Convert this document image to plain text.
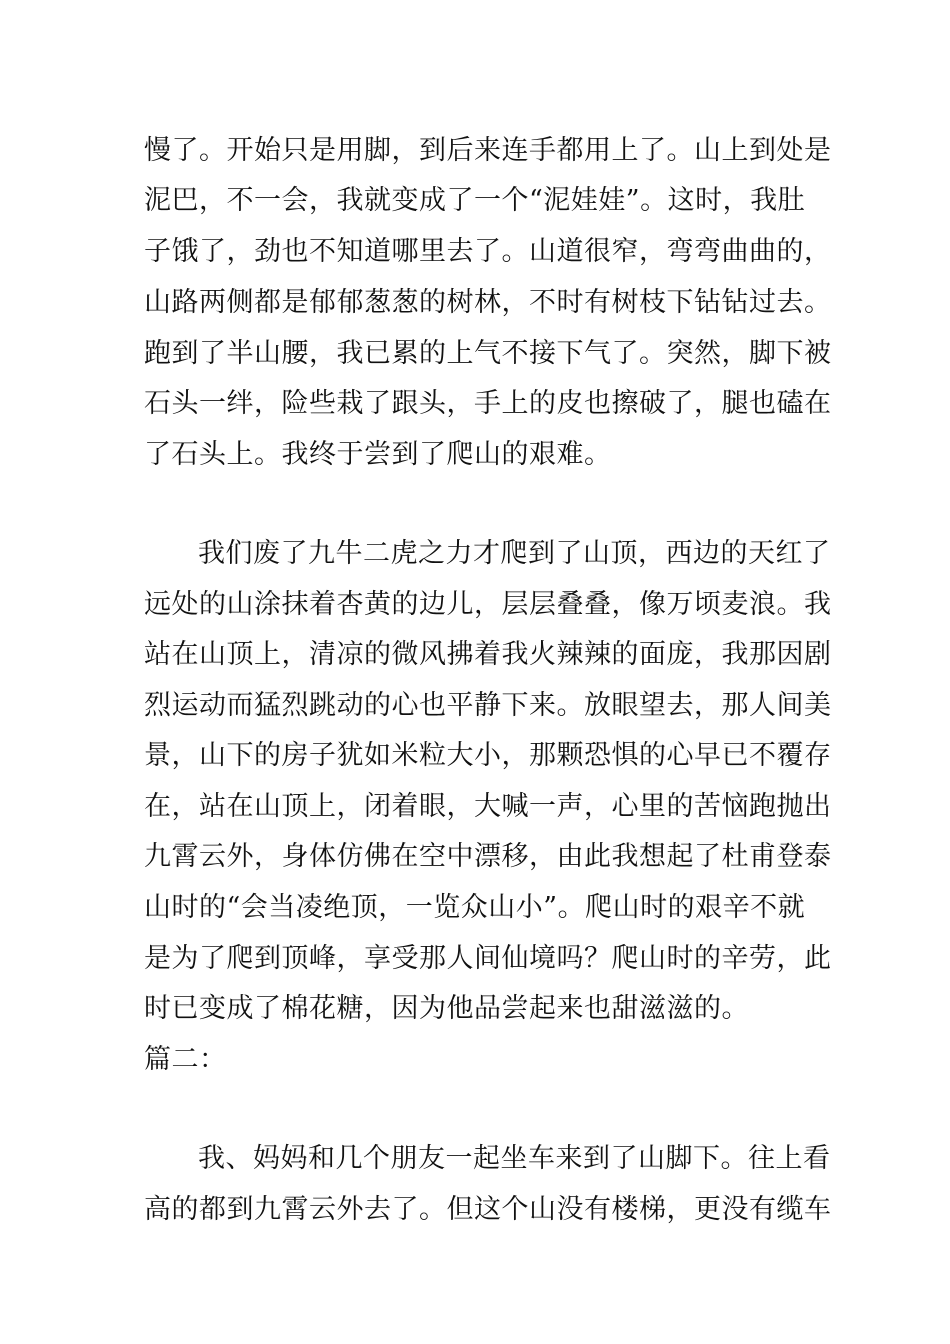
慢了。开始只是用脚，到后来连手都用上了。山上到处是
泥巴，不一会，我就变成了一个“泥娃娃”。这时，我肚
子饿了，劲也不知道哪里去了。山道很窄，弯弯曲曲的，
山路两侧都是郁郁葱葱的树林，不时有树枝下钻钻过去。
跑到了半山腰，我已累的上气不接下气了。突然，脚下被
石头一绊，险些栽了跟头，手上的皮也擦破了，腿也磕在
了石头上。我终于尝到了爬山的艰难。
我们废了九牛二虎之力才爬到了山顶，西边的天红了
远处的山涂抹着杏黄的边儿，层层叠叠，像万顷麦浪。我
站在山顶上，清凉的微风拂着我火辣辣的面庞，我那因剧
烈运动而猛烈跳动的心也平静下来。放眼望去，那人间美
景，山下的房子犹如米粒大小，那颗恐惧的心早已不覆存
在，站在山顶上，闭着眼，大喊一声，心里的苦恼跑抛出
九霄云外，身体仿佛在空中漂移，由此我想起了杜甫登泰
山时的“会当凌绝顶，一览众山小”。爬山时的艰辛不就
是为了爬到顶峰，享受那人间仙境吗？爬山时的辛劳，此
时已变成了棉花糖，因为他品尝起来也甜滋滋的。
篇二：
我、妈妈和几个朋友一起坐车来到了山脚下。往上看
高的都到九霄云外去了。但这个山没有楼梯，更没有缆车
